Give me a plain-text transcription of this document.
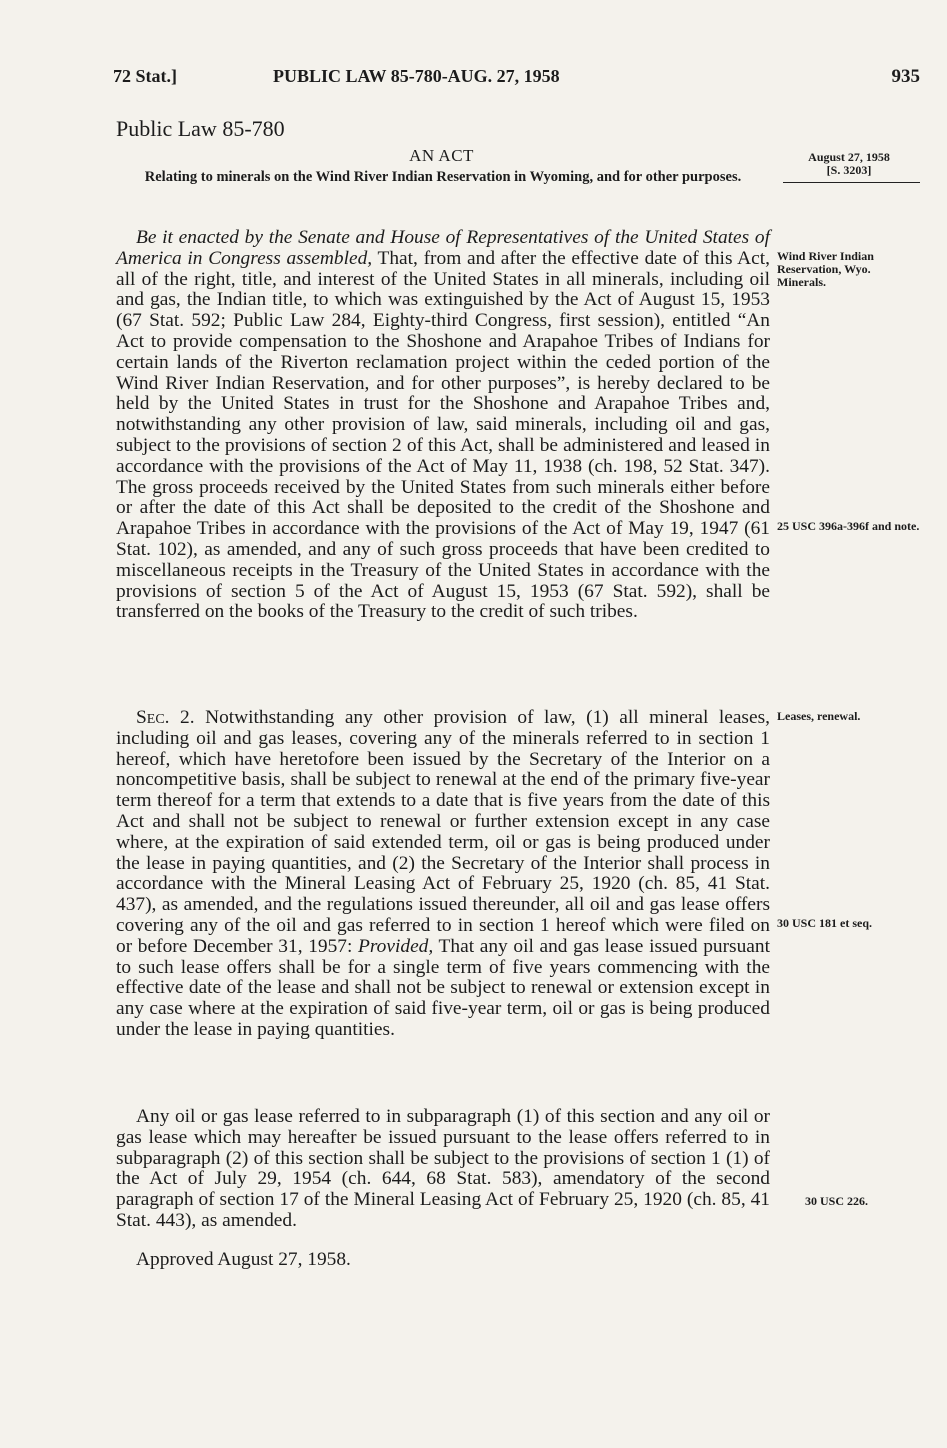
72 Stat.]	PUBLIC LAW 85-780-AUG. 27, 1958	935
Public Law 85-780
AN ACT
Relating to minerals on the Wind River Indian Reservation in Wyoming, and for other purposes.
August 27, 1958
[S. 3203]
Wind River Indian Reservation, Wyo. Minerals.
25 USC 396a-396f and note.
Leases, renewal.
30 USC 181 et seq.
30 USC 226.

Be it enacted by the Senate and House of Representatives of the United States of America in Congress assembled, That, from and after the effective date of this Act, all of the right, title, and interest of the United States in all minerals, including oil and gas, the Indian title, to which was extinguished by the Act of August 15, 1953 (67 Stat. 592; Public Law 284, Eighty-third Congress, first session), entitled “An Act to provide compensation to the Shoshone and Arapahoe Tribes of Indians for certain lands of the Riverton reclamation project within the ceded portion of the Wind River Indian Reservation, and for other purposes”, is hereby declared to be held by the United States in trust for the Shoshone and Arapahoe Tribes and, notwithstanding any other provision of law, said minerals, including oil and gas, subject to the provisions of section 2 of this Act, shall be administered and leased in accordance with the provisions of the Act of May 11, 1938 (ch. 198, 52 Stat. 347). The gross proceeds received by the United States from such minerals either before or after the date of this Act shall be deposited to the credit of the Shoshone and Arapahoe Tribes in accordance with the provisions of the Act of May 19, 1947 (61 Stat. 102), as amended, and any of such gross proceeds that have been credited to miscellaneous receipts in the Treasury of the United States in accordance with the provisions of section 5 of the Act of August 15, 1953 (67 Stat. 592), shall be transferred on the books of the Treasury to the credit of such tribes.

Sec. 2. Notwithstanding any other provision of law, (1) all mineral leases, including oil and gas leases, covering any of the minerals referred to in section 1 hereof, which have heretofore been issued by the Secretary of the Interior on a noncompetitive basis, shall be subject to renewal at the end of the primary five-year term thereof for a term that extends to a date that is five years from the date of this Act and shall not be subject to renewal or further extension except in any case where, at the expiration of said extended term, oil or gas is being produced under the lease in paying quantities, and (2) the Secretary of the Interior shall process in accordance with the Mineral Leasing Act of February 25, 1920 (ch. 85, 41 Stat. 437), as amended, and the regulations issued thereunder, all oil and gas lease offers covering any of the oil and gas referred to in section 1 hereof which were filed on or before December 31, 1957: Provided, That any oil and gas lease issued pursuant to such lease offers shall be for a single term of five years commencing with the effective date of the lease and shall not be subject to renewal or extension except in any case where at the expiration of said five-year term, oil or gas is being produced under the lease in paying quantities.

Any oil or gas lease referred to in subparagraph (1) of this section and any oil or gas lease which may hereafter be issued pursuant to the lease offers referred to in subparagraph (2) of this section shall be subject to the provisions of section 1 (1) of the Act of July 29, 1954 (ch. 644, 68 Stat. 583), amendatory of the second paragraph of section 17 of the Mineral Leasing Act of February 25, 1920 (ch. 85, 41 Stat. 443), as amended.

Approved August 27, 1958.
